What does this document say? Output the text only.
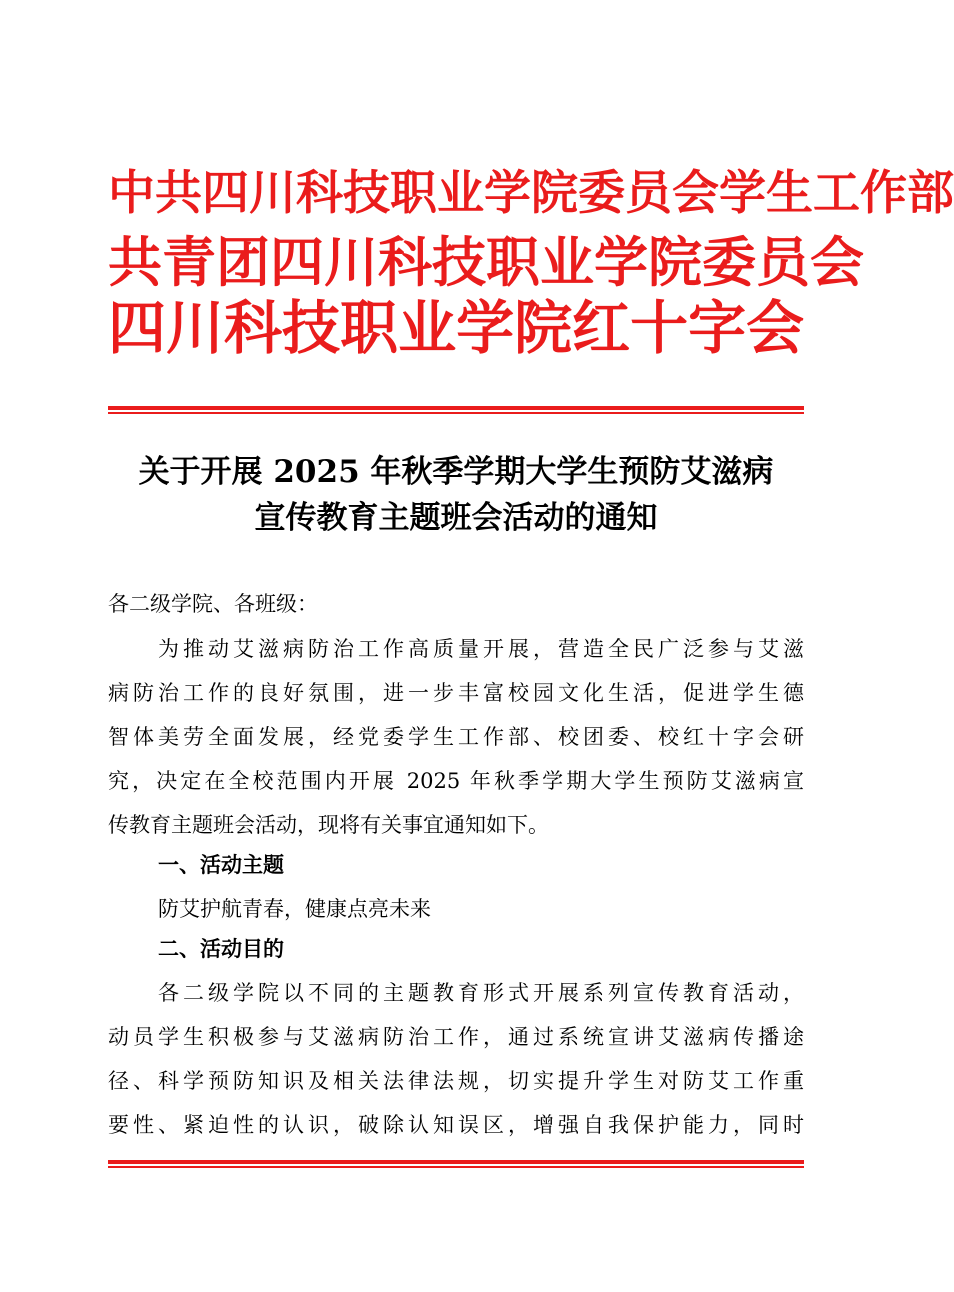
中 共 四 川 科 技 职 业 学 院 委 员 会 学 生 工 作 部
共 青 团 四 川 科 技 职 业 学 院 委 员 会
四 川 科 技 职 业 学 院 红 十 字 会
关于开展 2025 年秋季学期大学生预防艾滋病
宣传教育主题班会活动的通知
各二级学院、各班级：
为推动艾滋病防治工作高质量开展，营造全民广泛参与艾滋
病防治工作的良好氛围，进一步丰富校园文化生活，促进学生德
智体美劳全面发展，经党委学生工作部、校团委、校红十字会研
究，决定在全校范围内开展 2025 年秋季学期大学生预防艾滋病宣
传教育主题班会活动，现将有关事宜通知如下。
一、活动主题
防艾护航青春，健康点亮未来
二、活动目的
各二级学院以不同的主题教育形式开展系列宣传教育活动，
动员学生积极参与艾滋病防治工作，通过系统宣讲艾滋病传播途
径、科学预防知识及相关法律法规，切实提升学生对防艾工作重
要性、紧迫性的认识，破除认知误区，增强自我保护能力，同时
